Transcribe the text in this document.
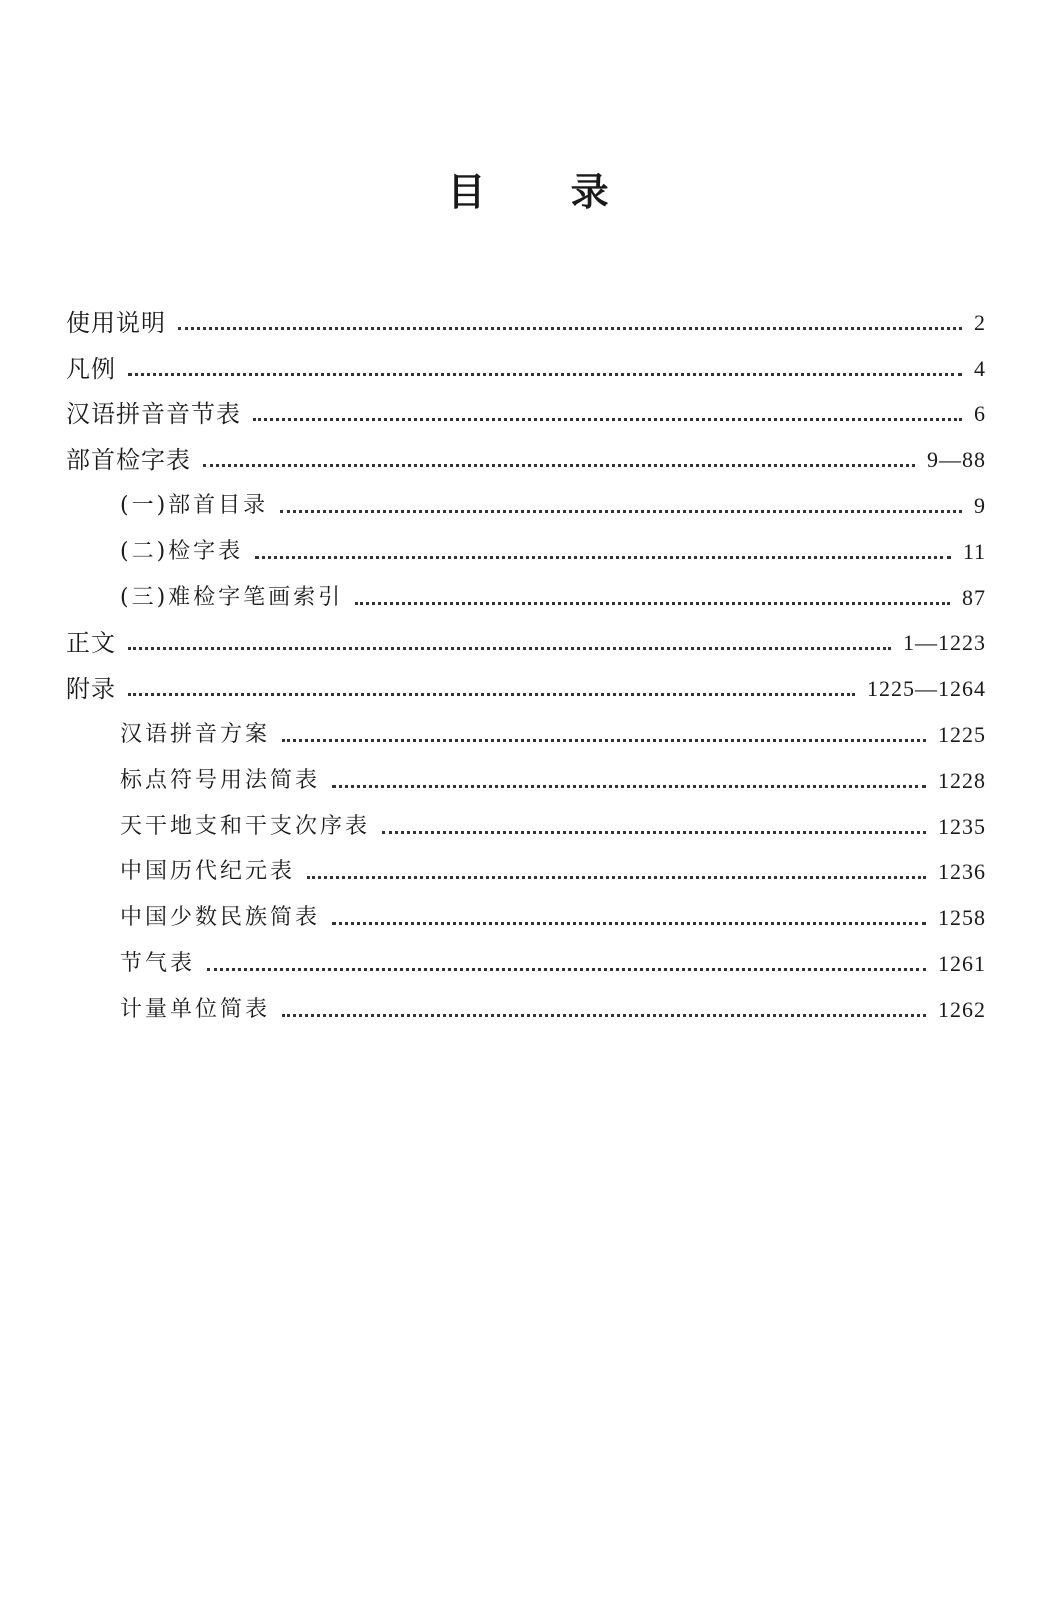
目 录
使用说明	2
凡例	4
汉语拼音音节表	6
部首检字表	9—88
(一)部首目录	9
(二)检字表	11
(三)难检字笔画索引	87
正文	1—1223
附录	1225—1264
汉语拼音方案	1225
标点符号用法简表	1228
天干地支和干支次序表	1235
中国历代纪元表	1236
中国少数民族简表	1258
节气表	1261
计量单位简表	1262
